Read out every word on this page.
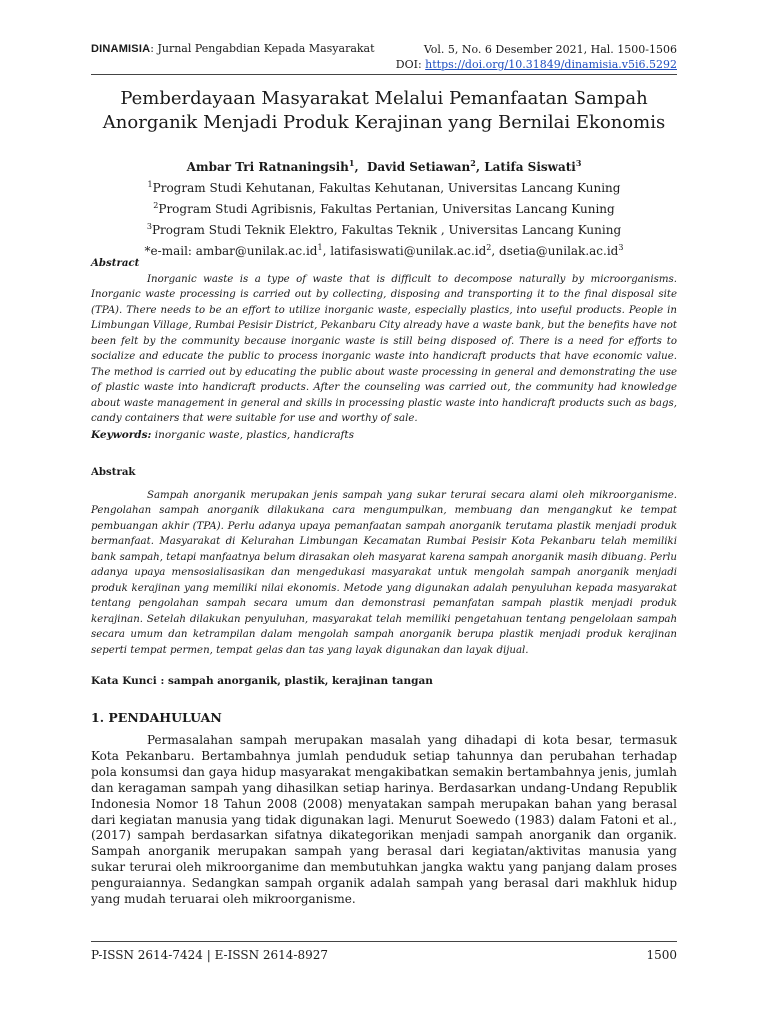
DINAMISIA: Jurnal Pengabdian Kepada Masyarakat	Vol. 5, No. 6 Desember 2021, Hal. 1500-1506
DOI: https://doi.org/10.31849/dinamisia.v5i6.5292
Pemberdayaan Masyarakat Melalui Pemanfaatan Sampah
Anorganik Menjadi Produk Kerajinan yang Bernilai Ekonomis
Ambar Tri Ratnaningsih$^1$,  David Setiawan$^2$, Latifa Siswati$^3$
$^1$Program Studi Kehutanan, Fakultas Kehutanan, Universitas Lancang Kuning
$^2$Program Studi Agribisnis, Fakultas Pertanian, Universitas Lancang Kuning
$^3$Program Studi Teknik Elektro, Fakultas Teknik , Universitas Lancang Kuning
*e-mail: $ambar@unilak.ac.id^1$, $latifasiswati@unilak.ac.id^2$, $dsetia@unilak.ac.id^3$
Abstract

Inorganic waste is a type of waste that is difficult to decompose naturally by microorganisms. Inorganic waste processing is carried out by collecting, disposing and transporting it to the final disposal site (TPA). There needs to be an effort to utilize inorganic waste, especially plastics, into useful products. People in Limbungan Village, Rumbai Pesisir District, Pekanbaru City already have a waste bank, but the benefits have not been felt by the community because inorganic waste is still being disposed of. There is a need for efforts to socialize and educate the public to process inorganic waste into handicraft products that have economic value. The method is carried out by educating the public about waste processing in general and demonstrating the use of plastic waste into handicraft products. After the counseling was carried out, the community had knowledge about waste management in general and skills in processing plastic waste into handicraft products such as bags, candy containers that were suitable for use and worthy of sale.

Keywords: inorganic waste, plastics, handicrafts
Abstrak

Sampah anorganik merupakan jenis sampah yang sukar terurai secara alami oleh mikroorganisme. Pengolahan sampah anorganik dilakukana cara mengumpulkan, membuang dan mengangkut ke tempat pembuangan akhir (TPA). Perlu adanya upaya pemanfaatan sampah anorganik terutama plastik menjadi produk bermanfaat. Masyarakat di Kelurahan Limbungan Kecamatan Rumbai Pesisir Kota Pekanbaru telah memiliki bank sampah, tetapi manfaatnya belum dirasakan oleh masyarat karena sampah anorganik masih dibuang. Perlu adanya upaya mensosialisasikan dan mengedukasi masyarakat untuk mengolah sampah anorganik menjadi produk kerajinan yang memiliki nilai ekonomis. Metode yang digunakan adalah penyuluhan kepada masyarakat tentang pengolahan sampah secara umum dan demonstrasi pemanfatan sampah plastik menjadi produk kerajinan. Setelah dilakukan penyuluhan, masyarakat telah memiliki pengetahuan tentang pengelolaan sampah secara umum dan ketrampilan dalam mengolah sampah anorganik berupa plastik menjadi produk kerajinan seperti tempat permen, tempat gelas dan tas yang layak digunakan dan layak dijual.

Kata Kunci : sampah anorganik, plastik, kerajinan tangan
1. PENDAHULUAN

Permasalahan sampah merupakan masalah yang dihadapi di kota besar, termasuk Kota Pekanbaru. Bertambahnya jumlah penduduk setiap tahunnya dan perubahan terhadap pola konsumsi dan gaya hidup masyarakat mengakibatkan semakin bertambahnya jenis, jumlah dan keragaman sampah yang dihasilkan setiap harinya. Berdasarkan undang-Undang Republik Indonesia Nomor 18 Tahun 2008 (2008) menyatakan sampah merupakan bahan yang berasal dari kegiatan manusia yang tidak digunakan lagi. Menurut Soewedo (1983) dalam Fatoni et al., (2017) sampah berdasarkan sifatnya dikategorikan menjadi sampah anorganik dan organik. Sampah anorganik merupakan sampah yang berasal dari kegiatan/aktivitas manusia yang sukar terurai oleh mikroorganime dan membutuhkan jangka waktu yang panjang dalam proses penguraiannya. Sedangkan sampah organik adalah sampah yang berasal dari makhluk hidup yang mudah teruarai oleh mikroorganisme.

P-ISSN 2614-7424 | E-ISSN 2614-8927	1500
